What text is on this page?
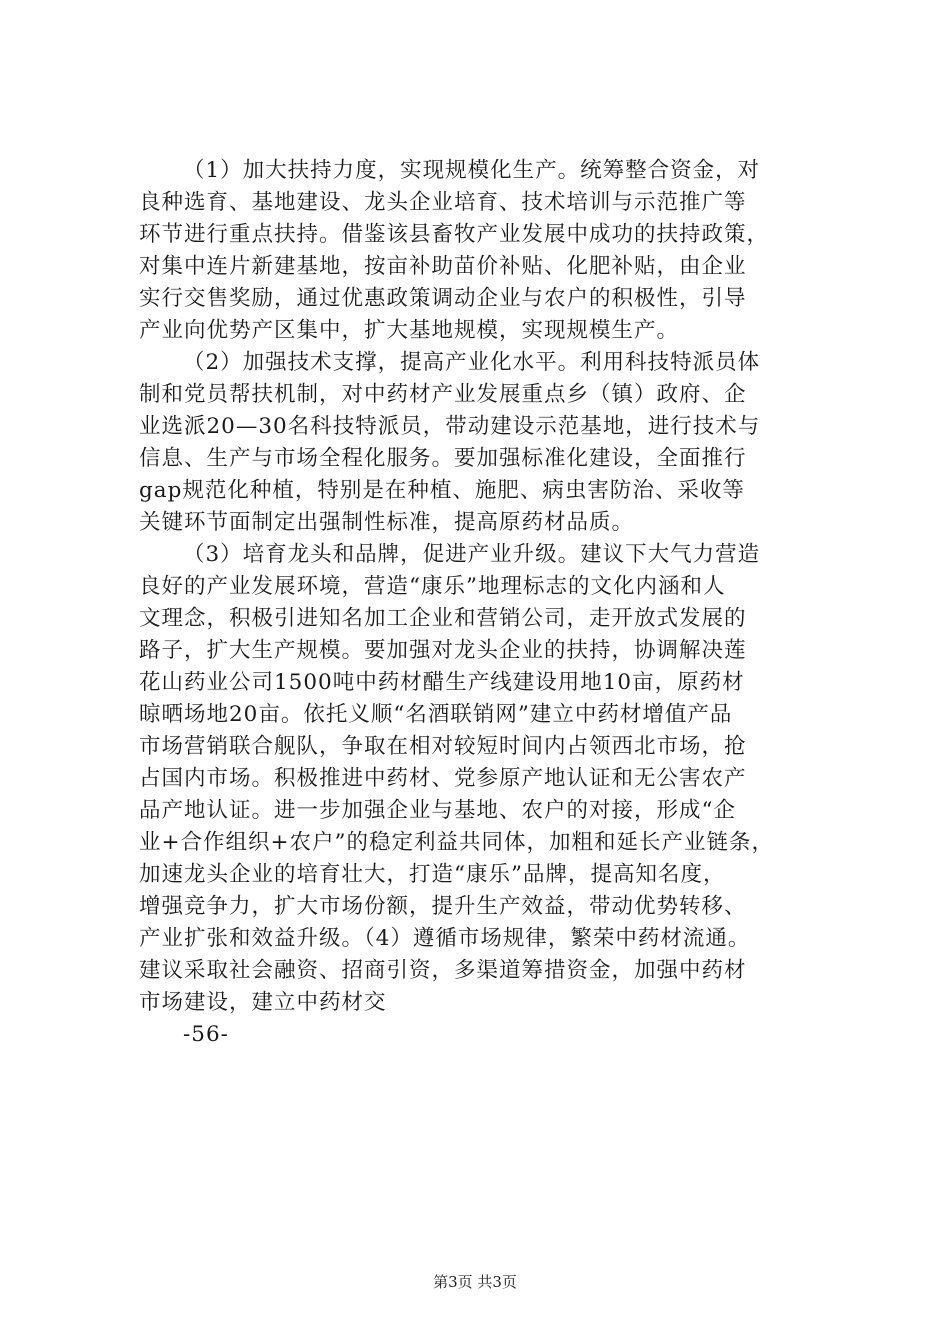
（1）加大扶持力度，实现规模化生产。统筹整合资金，对
良种选育、基地建设、龙头企业培育、技术培训与示范推广等
环节进行重点扶持。借鉴该县畜牧产业发展中成功的扶持政策，
对集中连片新建基地，按亩补助苗价补贴、化肥补贴，由企业
实行交售奖励，通过优惠政策调动企业与农户的积极性，引导
产业向优势产区集中，扩大基地规模，实现规模生产。
（2）加强技术支撑，提高产业化水平。利用科技特派员体
制和党员帮扶机制，对中药材产业发展重点乡（镇）政府、企
业选派20—30名科技特派员，带动建设示范基地，进行技术与
信息、生产与市场全程化服务。要加强标准化建设，全面推行
gap规范化种植，特别是在种植、施肥、病虫害防治、采收等
关键环节面制定出强制性标准，提高原药材品质。
（3）培育龙头和品牌，促进产业升级。建议下大气力营造
良好的产业发展环境，营造“康乐”地理标志的文化内涵和人
文理念，积极引进知名加工企业和营销公司，走开放式发展的
路子，扩大生产规模。要加强对龙头企业的扶持，协调解决莲
花山药业公司1500吨中药材醋生产线建设用地10亩，原药材
晾晒场地20亩。依托义顺“名酒联销网”建立中药材增值产品
市场营销联合舰队，争取在相对较短时间内占领西北市场，抢
占国内市场。积极推进中药材、党参原产地认证和无公害农产
品产地认证。进一步加强企业与基地、农户的对接，形成“企
业+合作组织+农户”的稳定利益共同体，加粗和延长产业链条，
加速龙头企业的培育壮大，打造“康乐”品牌，提高知名度，
增强竞争力，扩大市场份额，提升生产效益，带动优势转移、
产业扩张和效益升级。（4）遵循市场规律，繁荣中药材流通。
建议采取社会融资、招商引资，多渠道筹措资金，加强中药材
市场建设，建立中药材交
-56-
第3页 共3页
